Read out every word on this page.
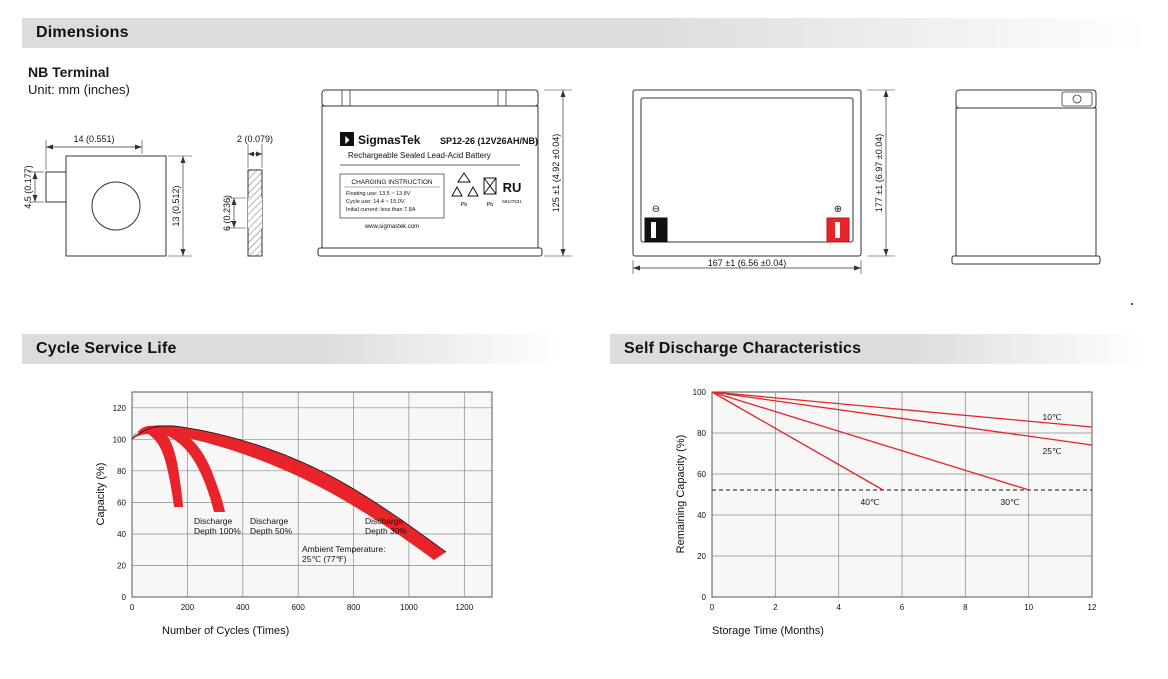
Dimensions
Cycle Service Life	Self Discharge Characteristics
NB Terminal
Unit: mm (inches)
14 (0.551)
4.5 (0.177)	13 (0.512)
2 (0.079)
6 (0.236)
⏵ SigmasTek SP12-26 (12V26AH/NB)
Rechargeable Sealed Lead-Acid Battery
CHARGING INSTRUCTION
Floating use: 13.5 ~ 13.8V
Cycle use: 14.4 ~ 15.0V
Initial current: less than 7.8A
www.sigmastek.com
Pb	Pb
RU
MH27631	125 ±1 (4.92 ±0.04)	⊖	⊕	177 ±1 (6.97 ±0.04)
167 ±1 (6.56 ±0.04)
Discharge
Depth 100%
Discharge
Depth 50%
Discharge
Depth 30%
Ambient Temperature:
25℃ (77℉)
0
20
40
60
80
100
120
0	200	400	600	800	1000	1200
Capacity (%)
Number of Cycles (Times)
10℃
25℃
40℃	30℃
0
20
40
60
80
100
0	2	4	6	8	10	12
Remaining Capacity (%)
Storage Time (Months)
